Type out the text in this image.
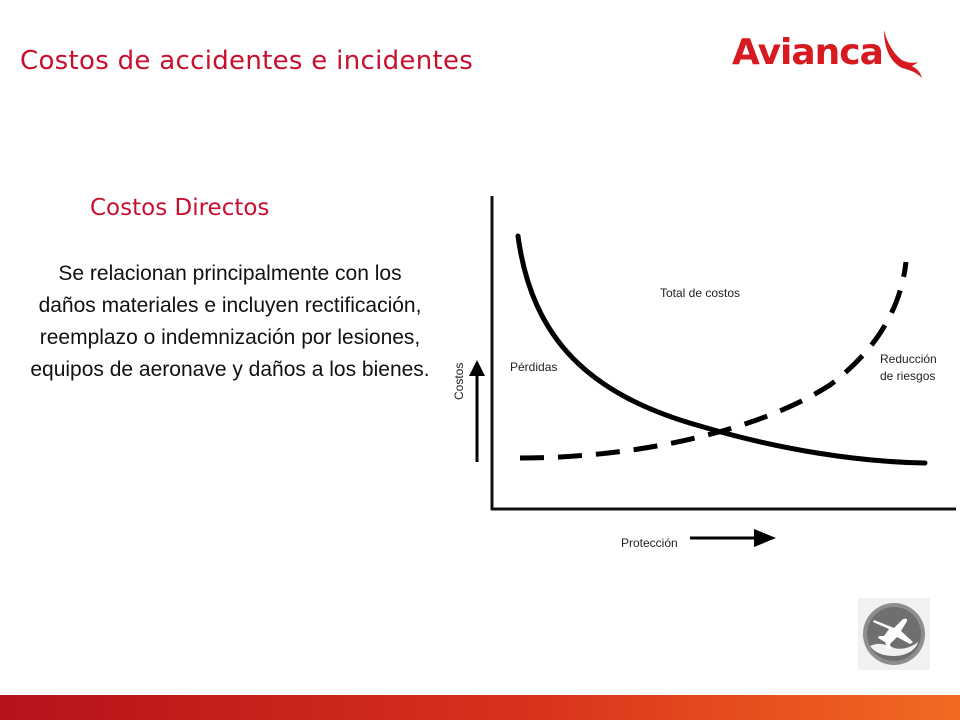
Costos de accidentes e incidentes	Avianca
Costos Directos

Se relacionan principalmente con los daños materiales e incluyen rectificación, reemplazo o indemnización por lesiones, equipos de aeronave y daños a los bienes.

Total de costos
Pérdidas
Reducción
de riesgos
Costos
Protección
